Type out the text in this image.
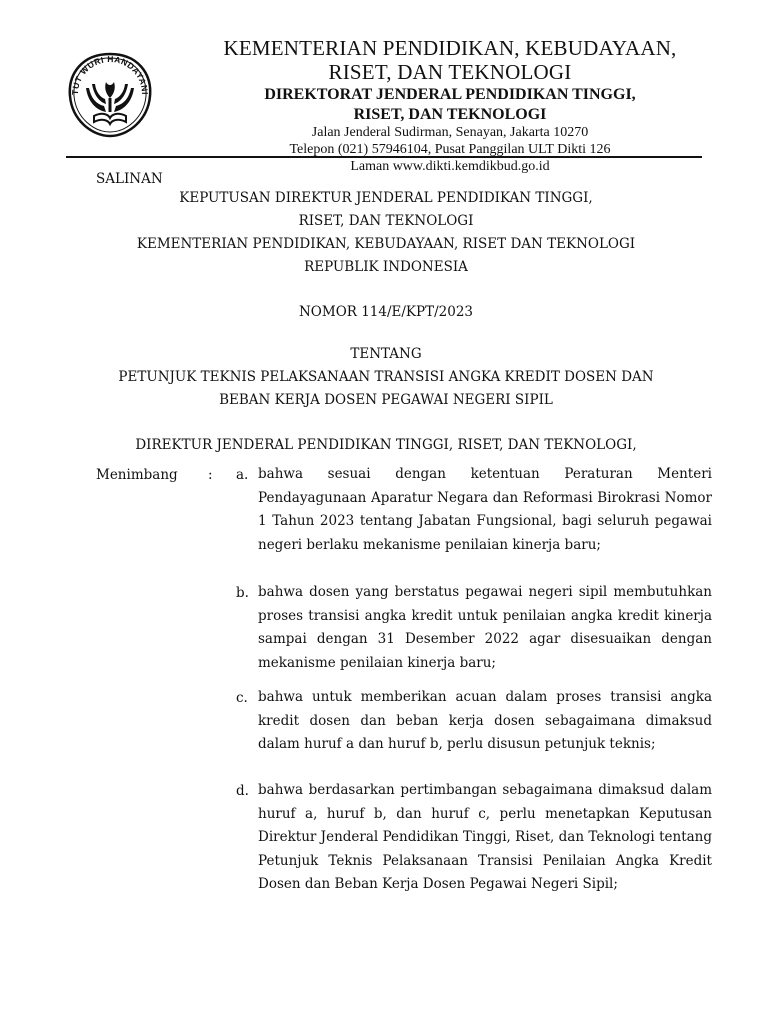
TUT WURI HANDAYANI
KEMENTERIAN PENDIDIKAN, KEBUDAYAAN,
RISET, DAN TEKNOLOGI
DIREKTORAT JENDERAL PENDIDIKAN TINGGI,
RISET, DAN TEKNOLOGI
Jalan Jenderal Sudirman, Senayan, Jakarta 10270
Telepon (021) 57946104, Pusat Panggilan ULT Dikti 126
Laman www.dikti.kemdikbud.go.id
SALINAN
KEPUTUSAN DIREKTUR JENDERAL PENDIDIKAN TINGGI,
RISET, DAN TEKNOLOGI
KEMENTERIAN PENDIDIKAN, KEBUDAYAAN, RISET DAN TEKNOLOGI
REPUBLIK INDONESIA
NOMOR 114/E/KPT/2023
TENTANG
PETUNJUK TEKNIS PELAKSANAAN TRANSISI ANGKA KREDIT DOSEN DAN
BEBAN KERJA DOSEN PEGAWAI NEGERI SIPIL
DIREKTUR JENDERAL PENDIDIKAN TINGGI, RISET, DAN TEKNOLOGI,
Menimbang : a. bahwa sesuai dengan ketentuan Peraturan Menteri Pendayagunaan Aparatur Negara dan Reformasi Birokrasi Nomor 1 Tahun 2023 tentang Jabatan Fungsional, bagi seluruh pegawai negeri berlaku mekanisme penilaian kinerja baru;
b. bahwa dosen yang berstatus pegawai negeri sipil membutuhkan proses transisi angka kredit untuk penilaian angka kredit kinerja sampai dengan 31 Desember 2022 agar disesuaikan dengan mekanisme penilaian kinerja baru;
c. bahwa untuk memberikan acuan dalam proses transisi angka kredit dosen dan beban kerja dosen sebagaimana dimaksud dalam huruf a dan huruf b, perlu disusun petunjuk teknis;
d. bahwa berdasarkan pertimbangan sebagaimana dimaksud dalam huruf a, huruf b, dan huruf c, perlu menetapkan Keputusan Direktur Jenderal Pendidikan Tinggi, Riset, dan Teknologi tentang Petunjuk Teknis Pelaksanaan Transisi Penilaian Angka Kredit Dosen dan Beban Kerja Dosen Pegawai Negeri Sipil;
